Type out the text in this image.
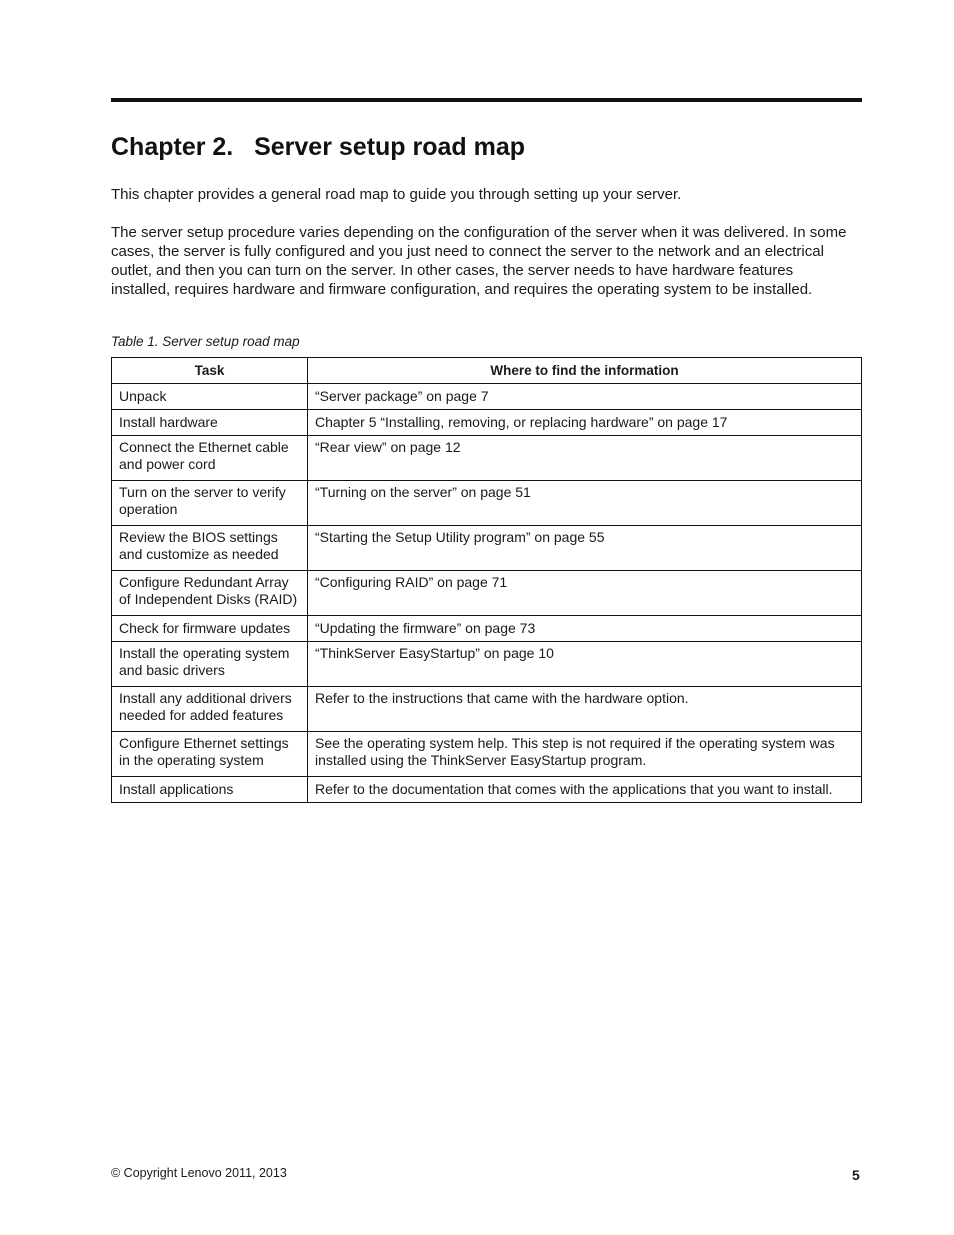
Chapter 2.   Server setup road map

This chapter provides a general road map to guide you through setting up your server.

The server setup procedure varies depending on the configuration of the server when it was delivered. In some cases, the server is fully configured and you just need to connect the server to the network and an electrical outlet, and then you can turn on the server. In other cases, the server needs to have hardware features installed, requires hardware and firmware configuration, and requires the operating system to be installed.

Table 1. Server setup road map

Task	Where to find the information
Unpack	“Server package” on page 7
Install hardware	Chapter 5 “Installing, removing, or replacing hardware” on page 17
Connect the Ethernet cable and power cord	“Rear view” on page 12
Turn on the server to verify operation	“Turning on the server” on page 51
Review the BIOS settings and customize as needed	“Starting the Setup Utility program” on page 55
Configure Redundant Array of Independent Disks (RAID)	“Configuring RAID” on page 71
Check for firmware updates	“Updating the firmware” on page 73
Install the operating system and basic drivers	“ThinkServer EasyStartup” on page 10
Install any additional drivers needed for added features	Refer to the instructions that came with the hardware option.
Configure Ethernet settings in the operating system	See the operating system help. This step is not required if the operating system was installed using the ThinkServer EasyStartup program.
Install applications	Refer to the documentation that comes with the applications that you want to install.
© Copyright Lenovo 2011, 2013	5
